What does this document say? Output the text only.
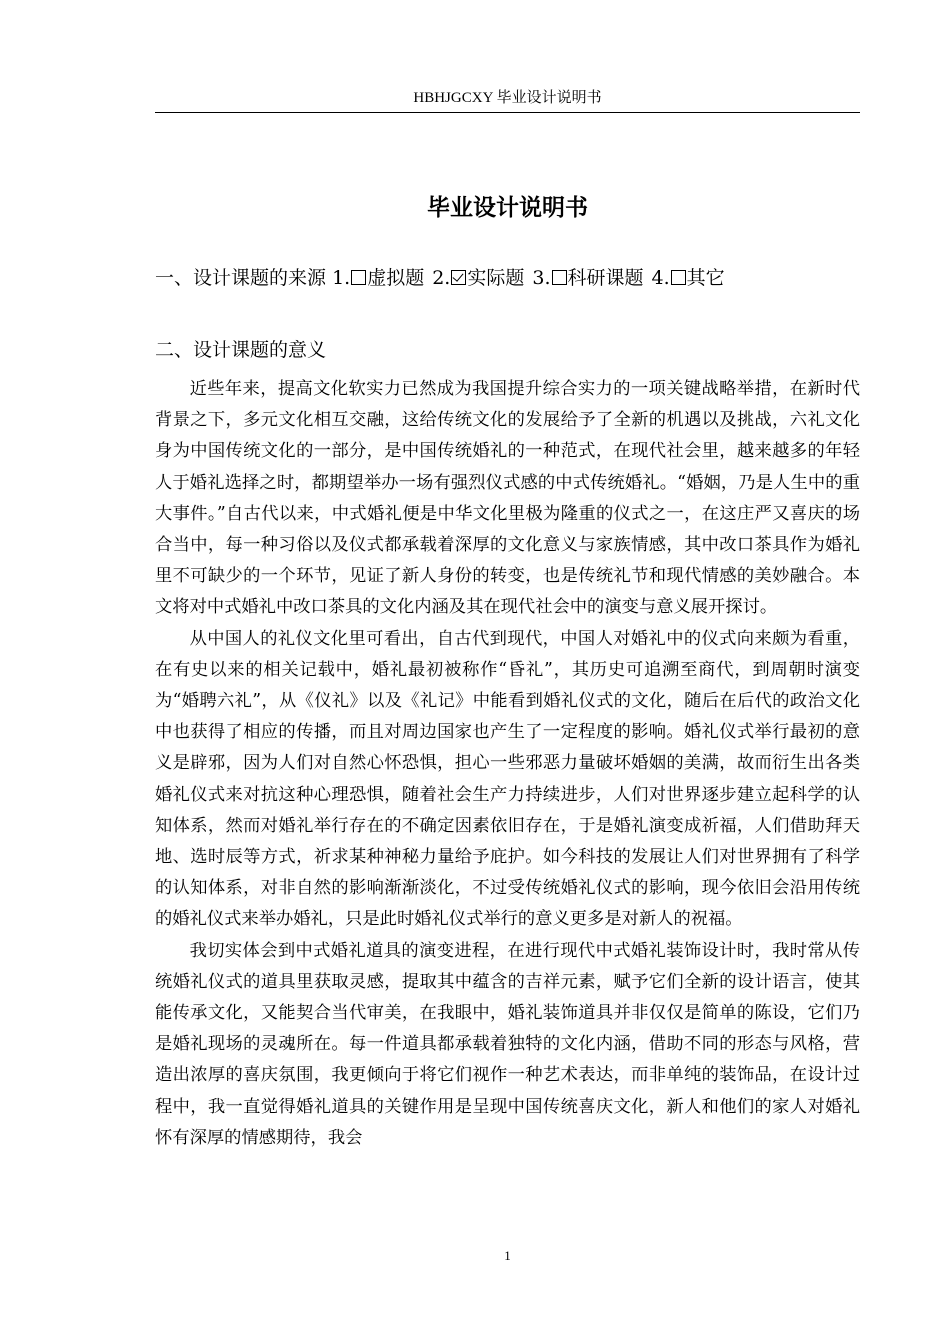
HBHJGCXY 毕业设计说明书
毕业设计说明书
一、设计课题的来源 1. 虚拟题 2. 实际题 3. 科研课题 4. 其它
二、设计课题的意义

近些年来，提高文化软实力已然成为我国提升综合实力的一项关键战略举措，在新时代背景之下，多元文化相互交融，这给传统文化的发展给予了全新的机遇以及挑战，六礼文化身为中国传统文化的一部分，是中国传统婚礼的一种范式，在现代社会里，越来越多的年轻人于婚礼选择之时，都期望举办一场有强烈仪式感的中式传统婚礼。“婚姻，乃是人生中的重大事件。”自古代以来，中式婚礼便是中华文化里极为隆重的仪式之一，在这庄严又喜庆的场合当中，每一种习俗以及仪式都承载着深厚的文化意义与家族情感，其中改口茶具作为婚礼里不可缺少的一个环节，见证了新人身份的转变，也是传统礼节和现代情感的美妙融合。本文将对中式婚礼中改口茶具的文化内涵及其在现代社会中的演变与意义展开探讨。

从中国人的礼仪文化里可看出，自古代到现代，中国人对婚礼中的仪式向来颇为看重，在有史以来的相关记载中，婚礼最初被称作“昏礼”，其历史可追溯至商代，到周朝时演变为“婚聘六礼”，从《仪礼》以及《礼记》中能看到婚礼仪式的文化，随后在后代的政治文化中也获得了相应的传播，而且对周边国家也产生了一定程度的影响。婚礼仪式举行最初的意义是辟邪，因为人们对自然心怀恐惧，担心一些邪恶力量破坏婚姻的美满，故而衍生出各类婚礼仪式来对抗这种心理恐惧，随着社会生产力持续进步，人们对世界逐步建立起科学的认知体系，然而对婚礼举行存在的不确定因素依旧存在，于是婚礼演变成祈福，人们借助拜天地、选时辰等方式，祈求某种神秘力量给予庇护。如今科技的发展让人们对世界拥有了科学的认知体系，对非自然的影响渐渐淡化，不过受传统婚礼仪式的影响，现今依旧会沿用传统的婚礼仪式来举办婚礼，只是此时婚礼仪式举行的意义更多是对新人的祝福。

我切实体会到中式婚礼道具的演变进程，在进行现代中式婚礼装饰设计时，我时常从传统婚礼仪式的道具里获取灵感，提取其中蕴含的吉祥元素，赋予它们全新的设计语言，使其能传承文化，又能契合当代审美，在我眼中，婚礼装饰道具并非仅仅是简单的陈设，它们乃是婚礼现场的灵魂所在。每一件道具都承载着独特的文化内涵，借助不同的形态与风格，营造出浓厚的喜庆氛围，我更倾向于将它们视作一种艺术表达，而非单纯的装饰品，在设计过程中，我一直觉得婚礼道具的关键作用是呈现中国传统喜庆文化，新人和他们的家人对婚礼怀有深厚的情感期待，我会

1
